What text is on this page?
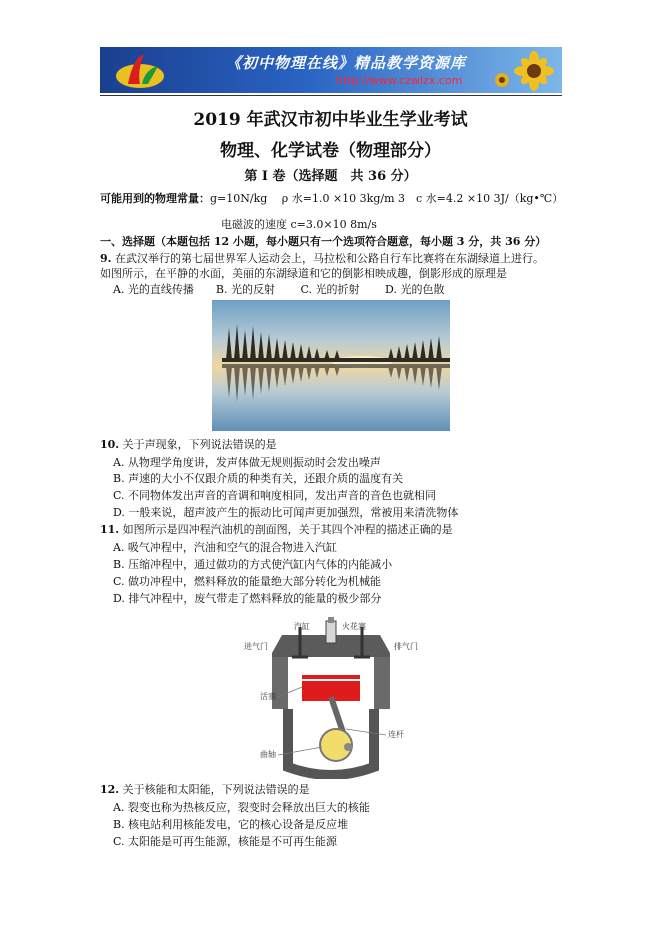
《初中物理在线》精品教学资源库
http://www.czwlzx.com
2019 年武汉市初中毕业生学业考试
物理、化学试卷（物理部分）
第 I 卷（选择题　共 36 分）
可能用到的物理常量：g=10N/kg　 ρ 水=1.0 ×10 3kg/m 3　c 水=4.2 ×10 3J/（kg•℃）
电磁波的速度 c=3.0×10 8m/s
一、选择题（本题包括 12 小题，每小题只有一个选项符合题意，每小题 3 分，共 36 分）
9. 在武汉举行的第七届世界军人运动会上，马拉松和公路自行车比赛将在东湖绿道上进行。
如图所示，在平静的水面，美丽的东湖绿道和它的倒影相映成趣，倒影形成的原理是
A. 光的直线传播　　B. 光的反射　　 C. 光的折射　　 D. 光的色散
10. 关于声现象，下列说法错误的是
A. 从物理学角度讲，发声体做无规则振动时会发出噪声
B. 声速的大小不仅跟介质的种类有关，还跟介质的温度有关
C. 不同物体发出声音的音调和响度相同，发出声音的音色也就相同
D. 一般来说，超声波产生的振动比可闻声更加强烈，常被用来清洗物体
11. 如图所示是四冲程汽油机的剖面图，关于其四个冲程的描述正确的是
A. 吸气冲程中，汽油和空气的混合物进入汽缸
B. 压缩冲程中，通过做功的方式使汽缸内气体的内能减小
C. 做功冲程中，燃料释放的能量绝大部分转化为机械能
D. 排气冲程中，废气带走了燃料释放的能量的极少部分
汽缸	火花塞
进气门	排气门
活塞
连杆
曲轴
12. 关于核能和太阳能，下列说法错误的是
A. 裂变也称为热核反应，裂变时会释放出巨大的核能
B. 核电站利用核能发电，它的核心设备是反应堆
C. 太阳能是可再生能源，核能是不可再生能源
